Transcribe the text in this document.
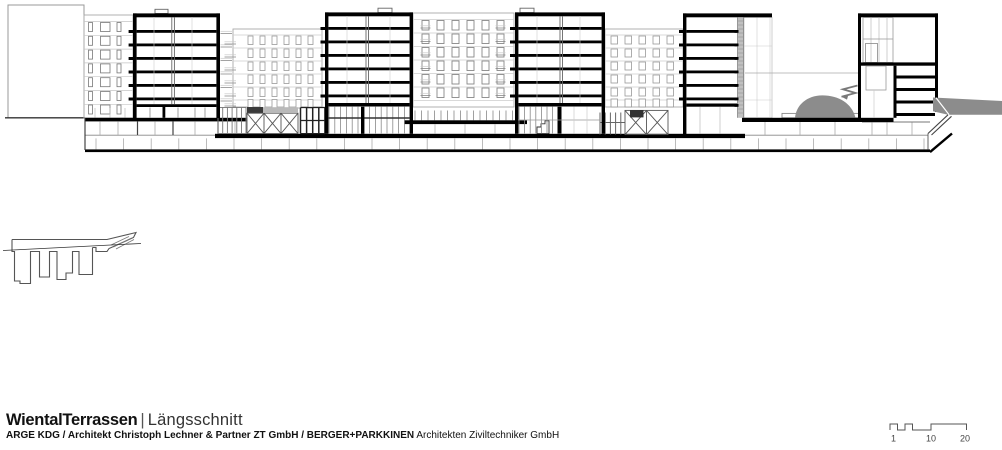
1	10	20
WientalTerrassen | Längsschnitt
ARGE KDG / Architekt Christoph Lechner & Partner ZT GmbH / BERGER+PARKKINEN Architekten Ziviltechniker GmbH
